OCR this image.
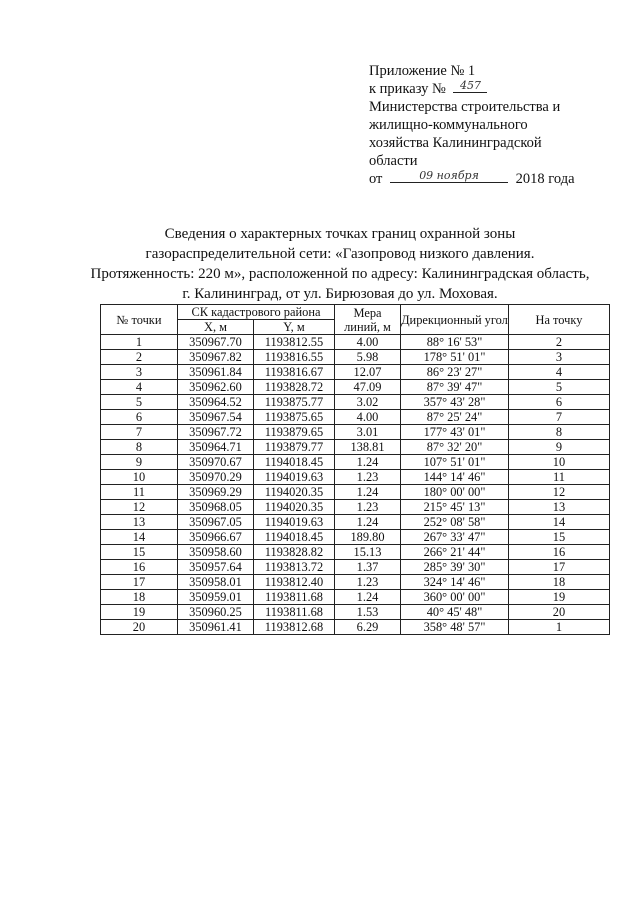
Приложение № 1
к приказу № 457
Министерства строительства и
жилищно-коммунального
хозяйства Калининградской
области
от	09 ноября	2018 года
Сведения о характерных точках границ охранной зоны
газораспределительной сети: «Газопровод низкого давления.
Протяженность: 220 м», расположенной по адресу: Калининградская область,
г. Калининград, от ул. Бирюзовая до ул. Моховая.
№ точки	СК кадастрового района		Мера линий, м	Дирекционный угол	На точку
	X, м	Y, м			
1	350967.70	1193812.55	4.00	88° 16' 53"	2
2	350967.82	1193816.55	5.98	178° 51' 01"	3
3	350961.84	1193816.67	12.07	86° 23' 27"	4
4	350962.60	1193828.72	47.09	87° 39' 47"	5
5	350964.52	1193875.77	3.02	357° 43' 28"	6
6	350967.54	1193875.65	4.00	87° 25' 24"	7
7	350967.72	1193879.65	3.01	177° 43' 01"	8
8	350964.71	1193879.77	138.81	87° 32' 20"	9
9	350970.67	1194018.45	1.24	107° 51' 01"	10
10	350970.29	1194019.63	1.23	144° 14' 46"	11
11	350969.29	1194020.35	1.24	180° 00' 00"	12
12	350968.05	1194020.35	1.23	215° 45' 13"	13
13	350967.05	1194019.63	1.24	252° 08' 58"	14
14	350966.67	1194018.45	189.80	267° 33' 47"	15
15	350958.60	1193828.82	15.13	266° 21' 44"	16
16	350957.64	1193813.72	1.37	285° 39' 30"	17
17	350958.01	1193812.40	1.23	324° 14' 46"	18
18	350959.01	1193811.68	1.24	360° 00' 00"	19
19	350960.25	1193811.68	1.53	40° 45' 48"	20
20	350961.41	1193812.68	6.29	358° 48' 57"	1
